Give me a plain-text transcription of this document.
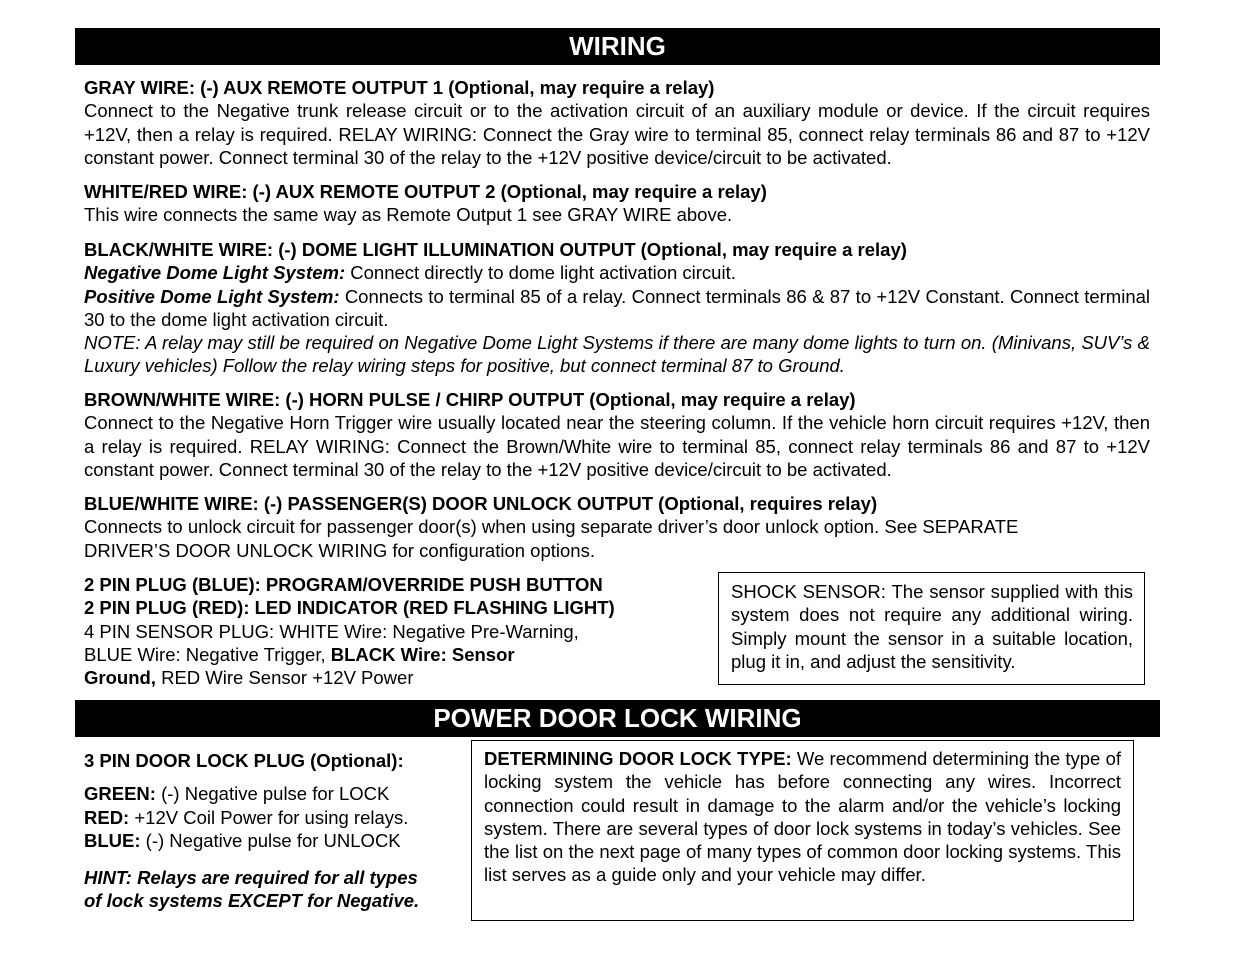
WIRING

GRAY WIRE: (-) AUX REMOTE OUTPUT 1 (Optional, may require a relay)

Connect to the Negative trunk release circuit or to the activation circuit of an auxiliary module or device. If the circuit requires +12V, then a relay is required. RELAY WIRING: Connect the Gray wire to terminal 85, connect relay terminals 86 and 87 to +12V constant power. Connect terminal 30 of the relay to the +12V positive device/circuit to be activated.

WHITE/RED WIRE: (-) AUX REMOTE OUTPUT 2 (Optional, may require a relay)

This wire connects the same way as Remote Output 1 see GRAY WIRE above.

BLACK/WHITE WIRE: (-) DOME LIGHT ILLUMINATION OUTPUT (Optional, may require a relay)

Negative Dome Light System: Connect directly to dome light activation circuit.

Positive Dome Light System: Connects to terminal 85 of a relay. Connect terminals 86 & 87 to +12V Constant. Connect terminal 30 to the dome light activation circuit.

NOTE: A relay may still be required on Negative Dome Light Systems if there are many dome lights to turn on. (Minivans, SUV’s & Luxury vehicles) Follow the relay wiring steps for positive, but connect terminal 87 to Ground.

BROWN/WHITE WIRE: (-) HORN PULSE / CHIRP OUTPUT (Optional, may require a relay)

Connect to the Negative Horn Trigger wire usually located near the steering column. If the vehicle horn circuit requires +12V, then a relay is required. RELAY WIRING: Connect the Brown/White wire to terminal 85, connect relay terminals 86 and 87 to +12V constant power. Connect terminal 30 of the relay to the +12V positive device/circuit to be activated.

BLUE/WHITE WIRE: (-) PASSENGER(S) DOOR UNLOCK OUTPUT (Optional, requires relay)

Connects to unlock circuit for passenger door(s) when using separate driver’s door unlock option. See SEPARATE

DRIVER’S DOOR UNLOCK WIRING for configuration options.

2 PIN PLUG (BLUE): PROGRAM/OVERRIDE PUSH BUTTON

2 PIN PLUG (RED): LED INDICATOR (RED FLASHING LIGHT)

4 PIN SENSOR PLUG: WHITE Wire: Negative Pre-Warning,

BLUE Wire: Negative Trigger, BLACK Wire: Sensor

Ground, RED Wire Sensor +12V Power

SHOCK SENSOR: The sensor supplied with this system does not require any additional wiring. Simply mount the sensor in a suitable location, plug it in, and adjust the sensitivity.

POWER DOOR LOCK WIRING

3 PIN DOOR LOCK PLUG (Optional):

GREEN: (-) Negative pulse for LOCK

RED: +12V Coil Power for using relays.

BLUE: (-) Negative pulse for UNLOCK

HINT: Relays are required for all types

of lock systems EXCEPT for Negative.

DETERMINING DOOR LOCK TYPE: We recommend determining the type of locking system the vehicle has before connecting any wires. Incorrect connection could result in damage to the alarm and/or the vehicle’s locking system. There are several types of door lock systems in today’s vehicles. See the list on the next page of many types of common door locking systems. This list serves as a guide only and your vehicle may differ.
